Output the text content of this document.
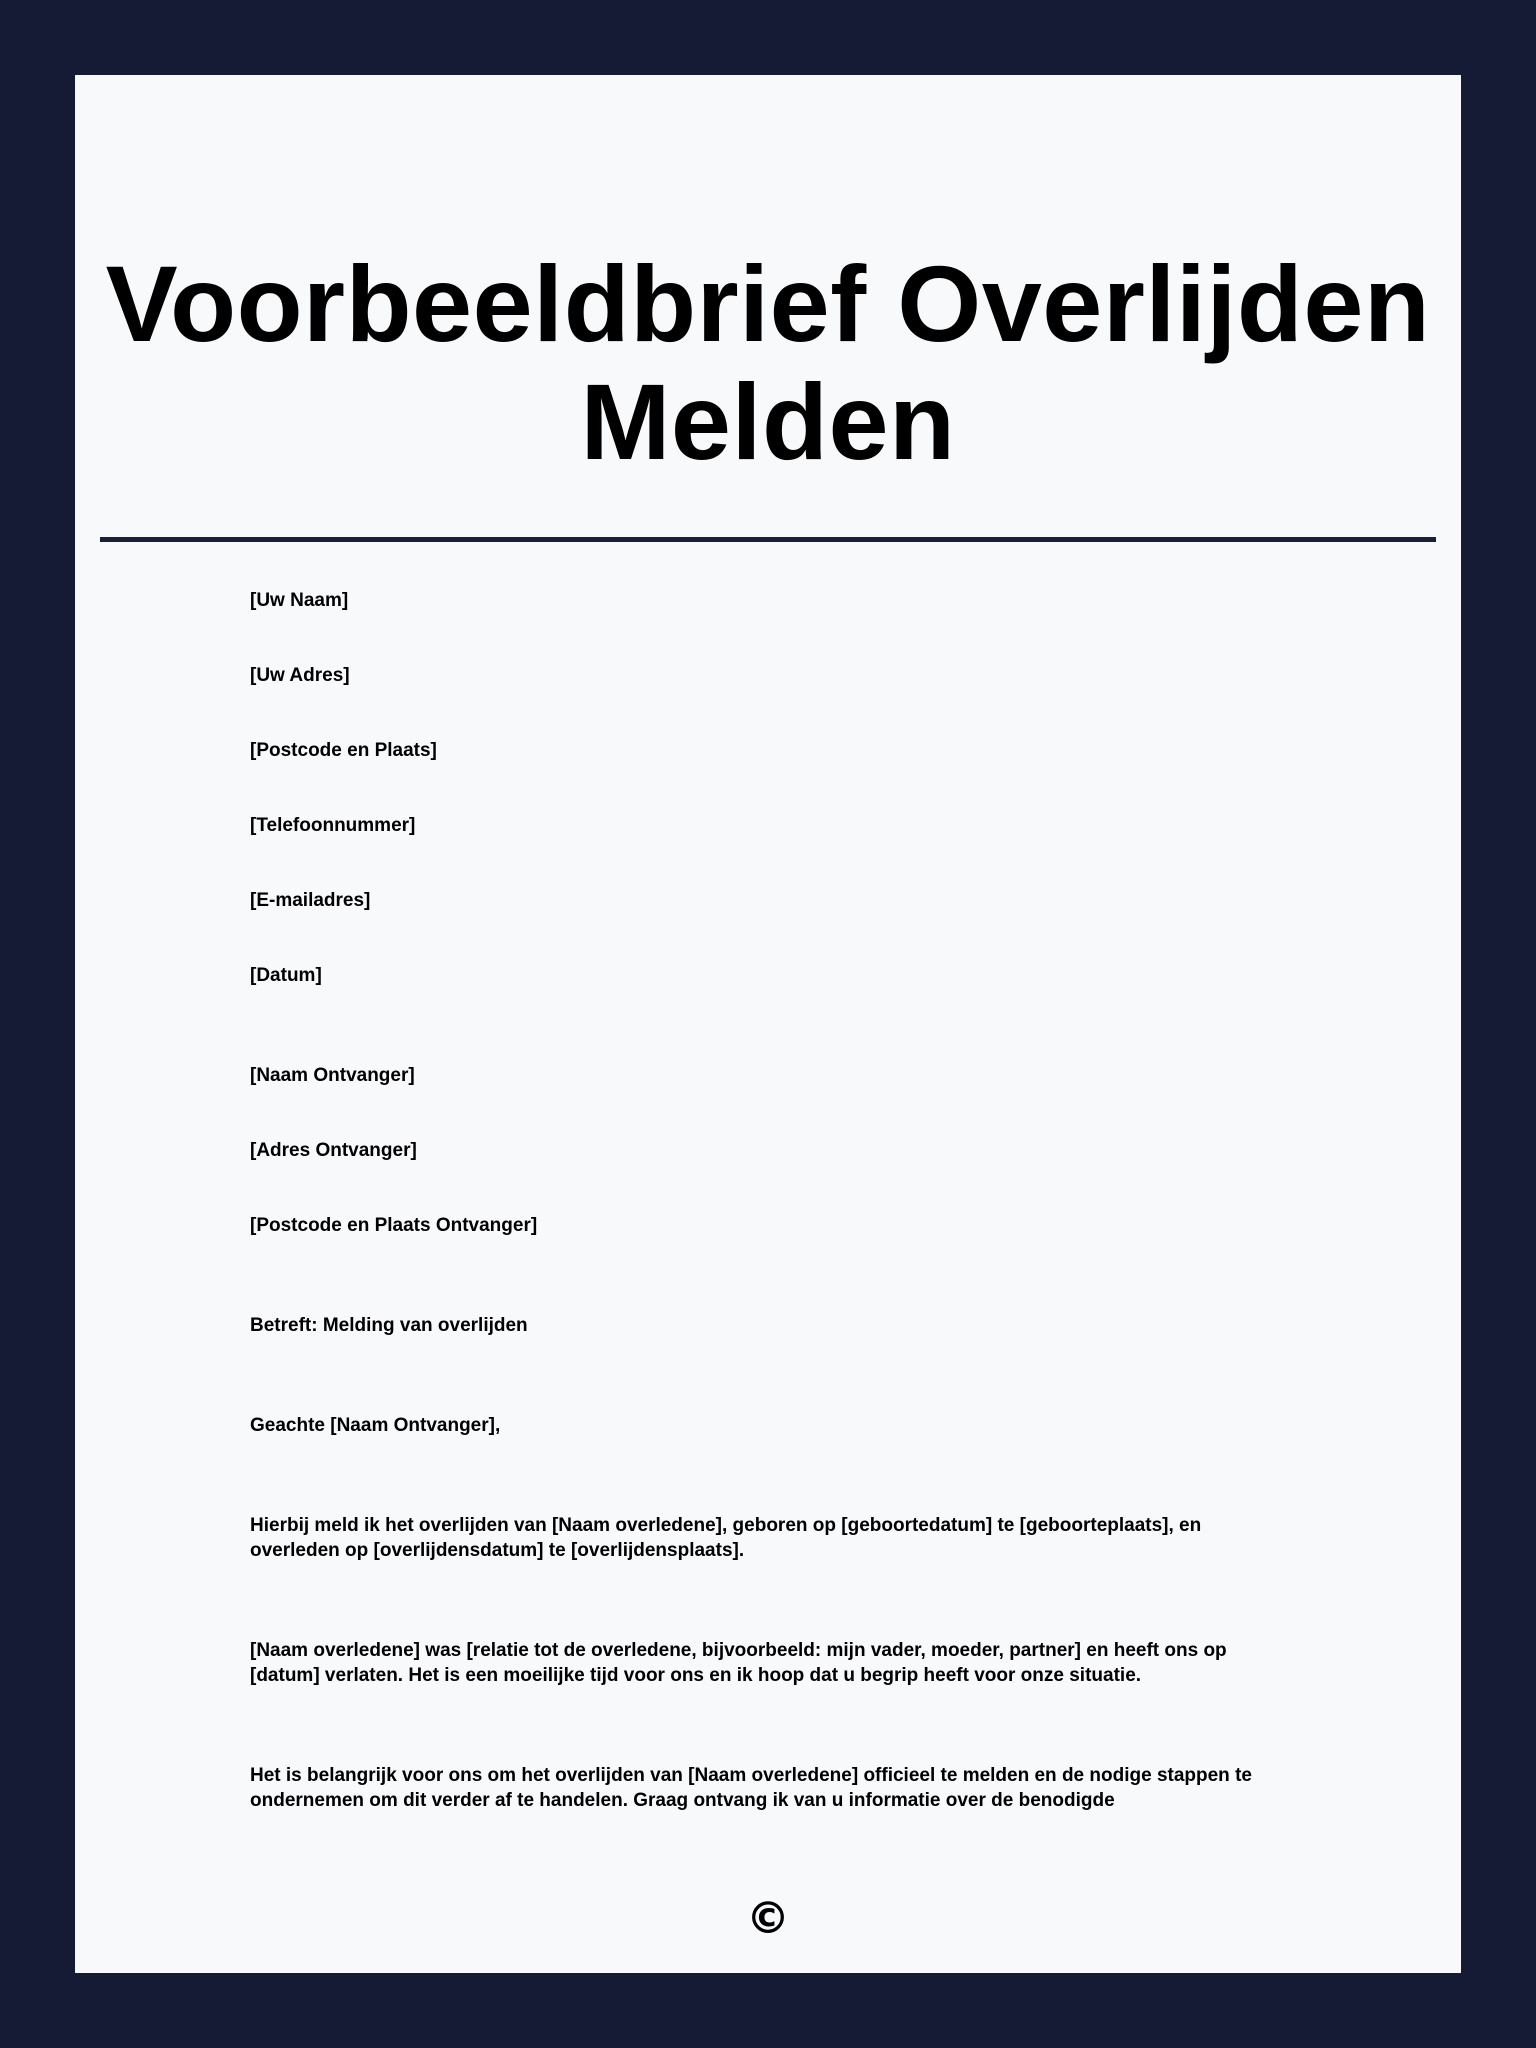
Voorbeeldbrief Overlijden Melden

[Uw Naam]

[Uw Adres]

[Postcode en Plaats]

[Telefoonnummer]

[E-mailadres]

[Datum]

[Naam Ontvanger]

[Adres Ontvanger]

[Postcode en Plaats Ontvanger]

Betreft: Melding van overlijden

Geachte [Naam Ontvanger],

Hierbij meld ik het overlijden van [Naam overledene], geboren op [geboortedatum] te [geboorteplaats], en overleden op [overlijdensdatum] te [overlijdensplaats].

[Naam overledene] was [relatie tot de overledene, bijvoorbeeld: mijn vader, moeder, partner] en heeft ons op [datum] verlaten. Het is een moeilijke tijd voor ons en ik hoop dat u begrip heeft voor onze situatie.

Het is belangrijk voor ons om het overlijden van [Naam overledene] officieel te melden en de nodige stappen te ondernemen om dit verder af te handelen. Graag ontvang ik van u informatie over de benodigde

©
